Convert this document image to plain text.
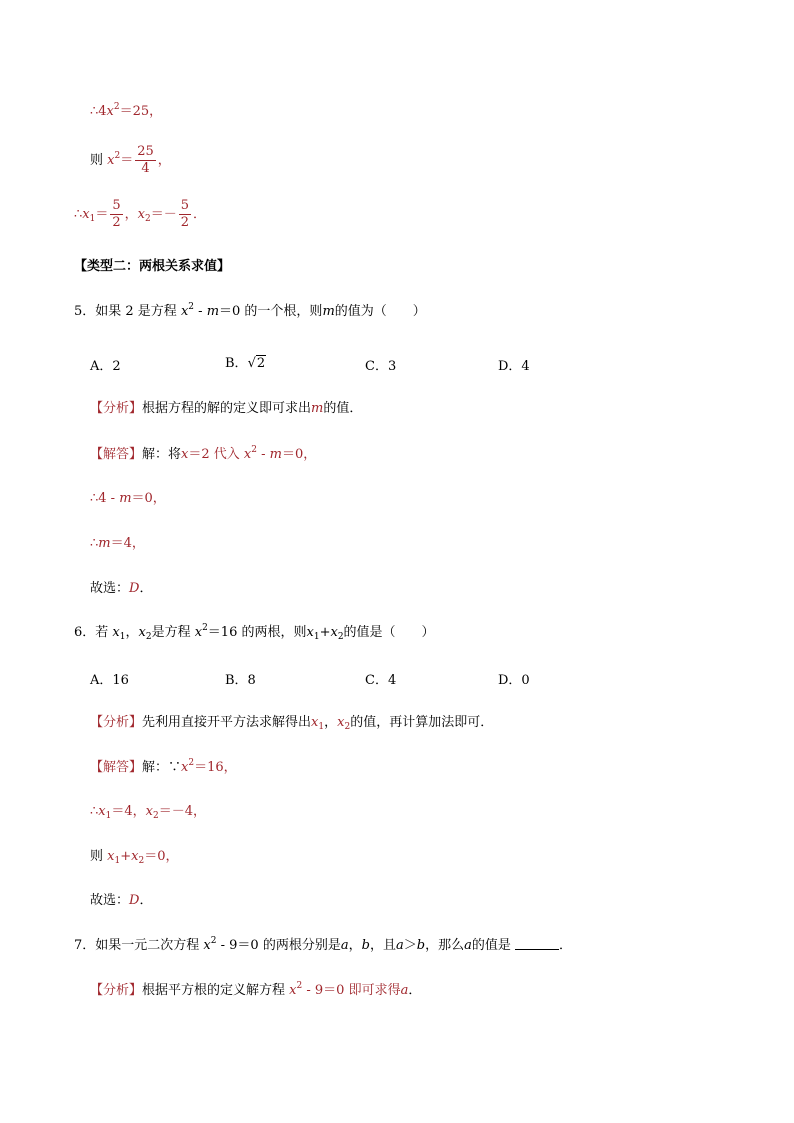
$\therefore 4x^2=25$，
则 $x^2= \frac{25}{4}$ ，
$\therefore x_1= \frac{5}{2}$ ，$x_2=- \frac{5}{2}$ ．
【类型二：两根关系求值】
5．如果 2 是方程 $x^2 - m=0$ 的一个根，则m的值为（　　）
A．2	B．√2	C．3	D．4
【分析】根据方程的解的定义即可求出m的值．
【解答】解：将x＝2 代入 $x^2 - m=0$，
∴4 - m＝0，
∴m＝4，
故选：D．
6．若 $x_1$，$x_2$是方程 $x^2=16$ 的两根，则$x_1+x_2$的值是（　　）
A．16	B．8	C．4	D．0
【分析】先利用直接开平方法求解得出$x_1$，$x_2$的值，再计算加法即可．
【解答】解：$\because x^2=16$，
$\therefore x_1=4$，$x_2=-4$，
则 $x_1+x_2=0$，
故选：D．
7．如果一元二次方程 $x^2 - 9=0$ 的两根分别是a，b，且a＞b，那么a的值是	．
【分析】根据平方根的定义解方程 $x^2 - 9=0$ 即可求得a．
